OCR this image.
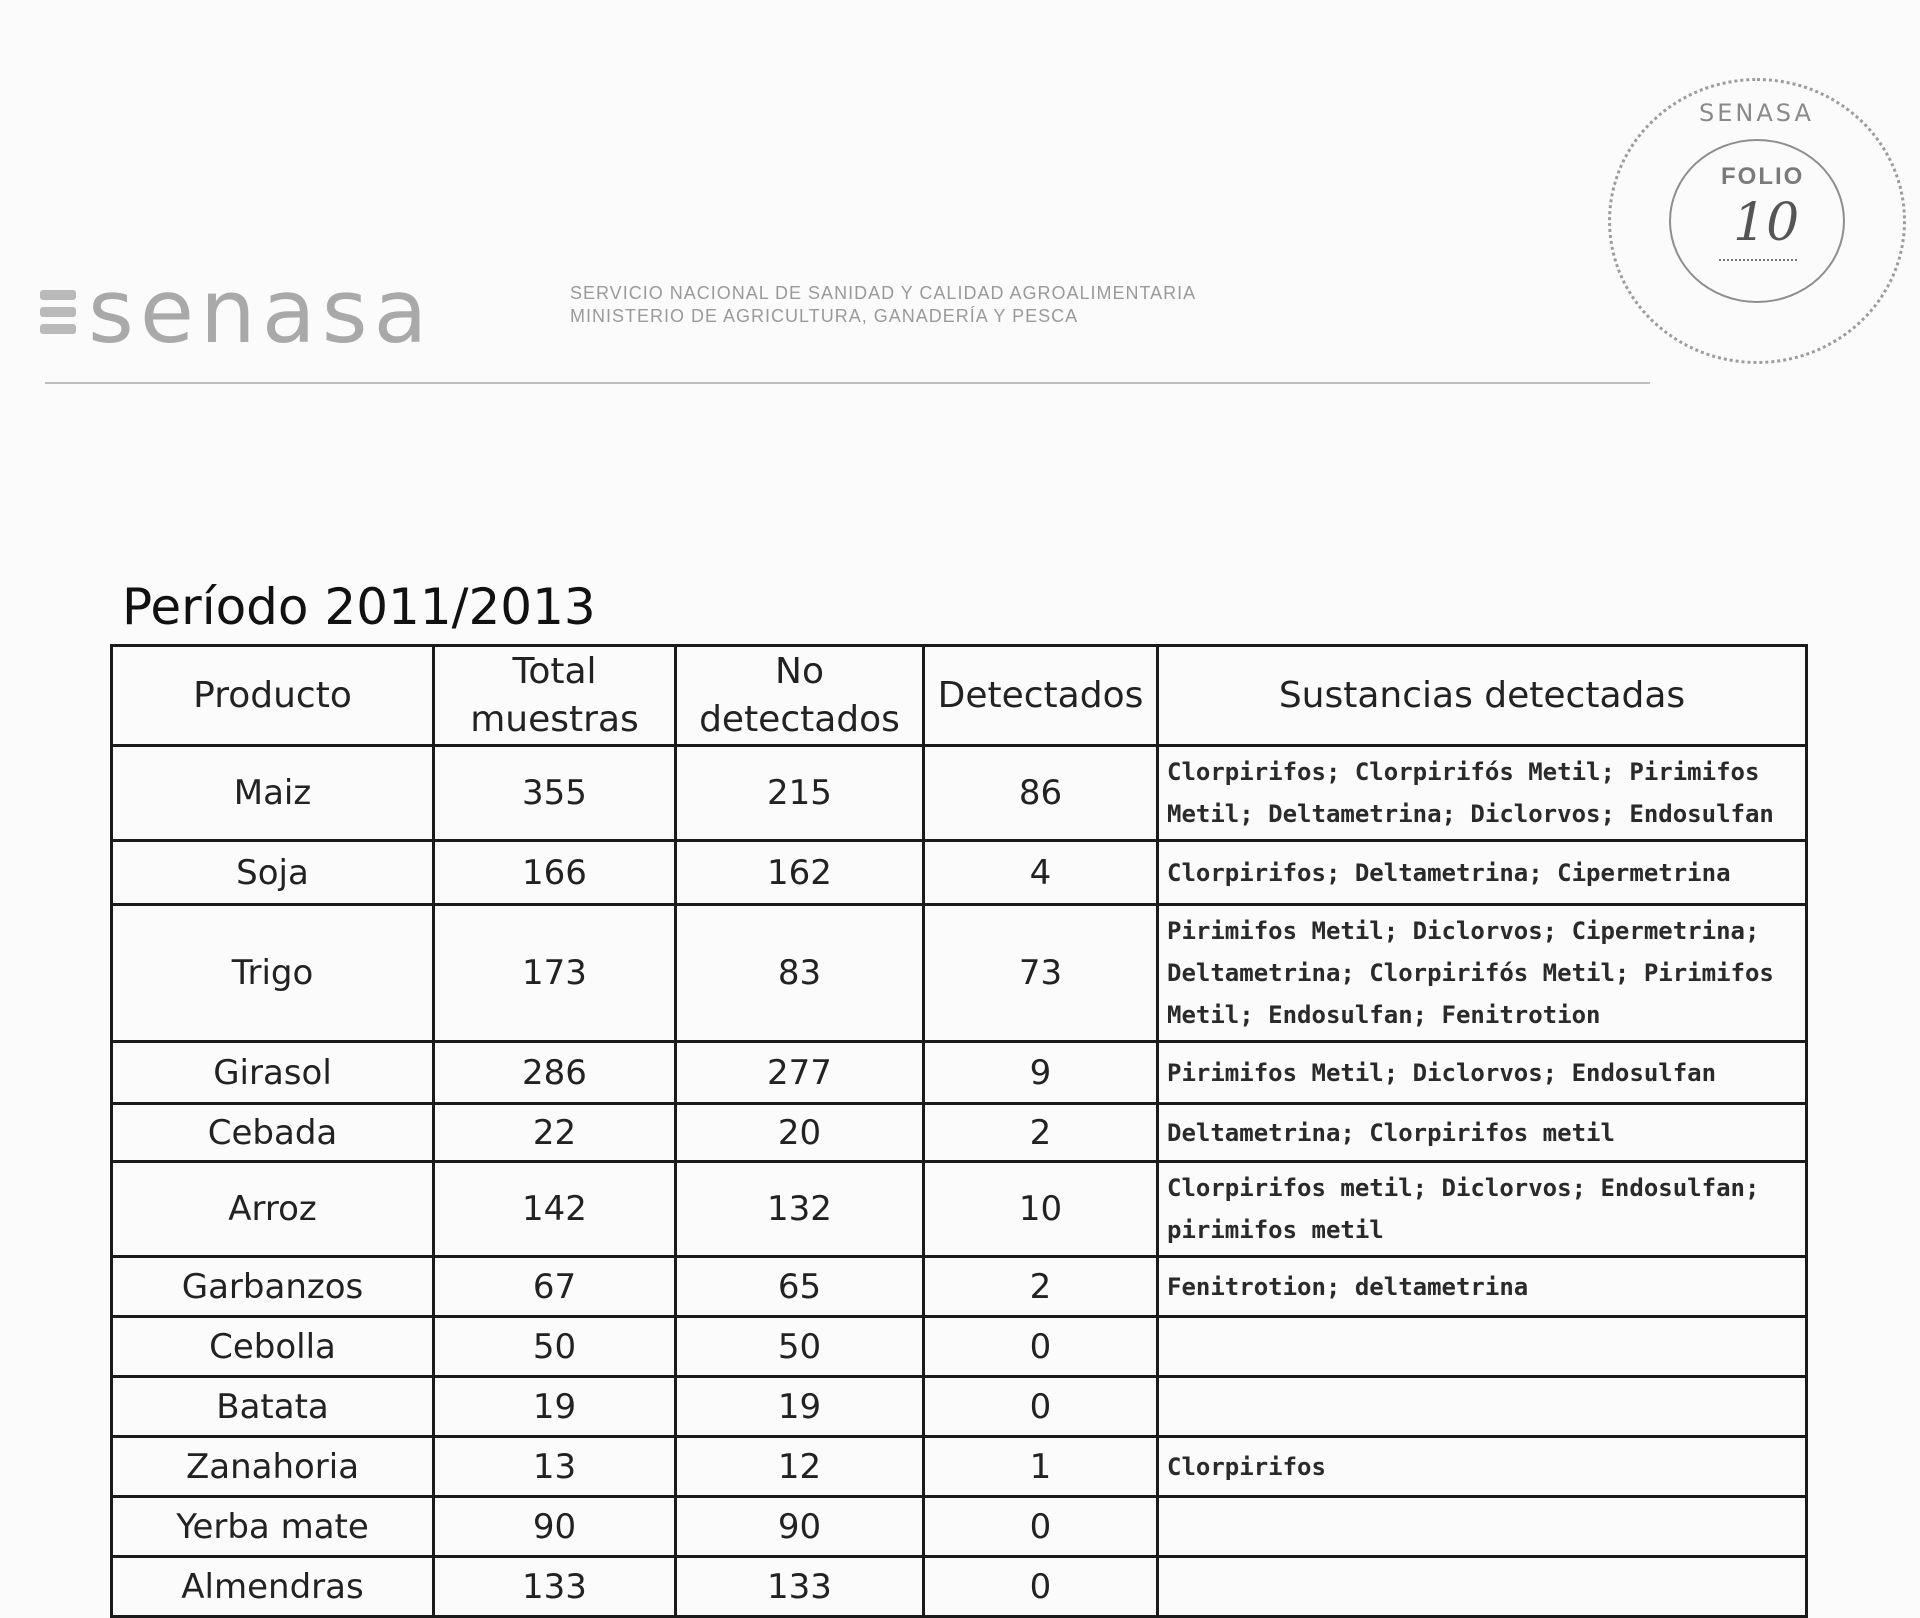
senasa	SERVICIO NACIONAL DE SANIDAD Y CALIDAD AGROALIMENTARIA
MINISTERIO DE AGRICULTURA, GANADERÍA Y PESCA
SENASA
FOLIO
10
Período 2011/2013
Producto	Total muestras	No detectados	Detectados	Sustancias detectadas
Maiz	355	215	86	Clorpirifos; Clorpirifós Metil; Pirimifos Metil; Deltametrina; Diclorvos; Endosulfan
Soja	166	162	4	Clorpirifos; Deltametrina; Cipermetrina
Trigo	173	83	73	Pirimifos Metil; Diclorvos; Cipermetrina; Deltametrina; Clorpirifós Metil; Pirimifos Metil; Endosulfan; Fenitrotion
Girasol	286	277	9	Pirimifos Metil; Diclorvos; Endosulfan
Cebada	22	20	2	Deltametrina; Clorpirifos metil
Arroz	142	132	10	Clorpirifos metil; Diclorvos; Endosulfan; pirimifos metil
Garbanzos	67	65	2	Fenitrotion; deltametrina
Cebolla	50	50	0	
Batata	19	19	0	
Zanahoria	13	12	1	Clorpirifos
Yerba mate	90	90	0	
Almendras	133	133	0	
